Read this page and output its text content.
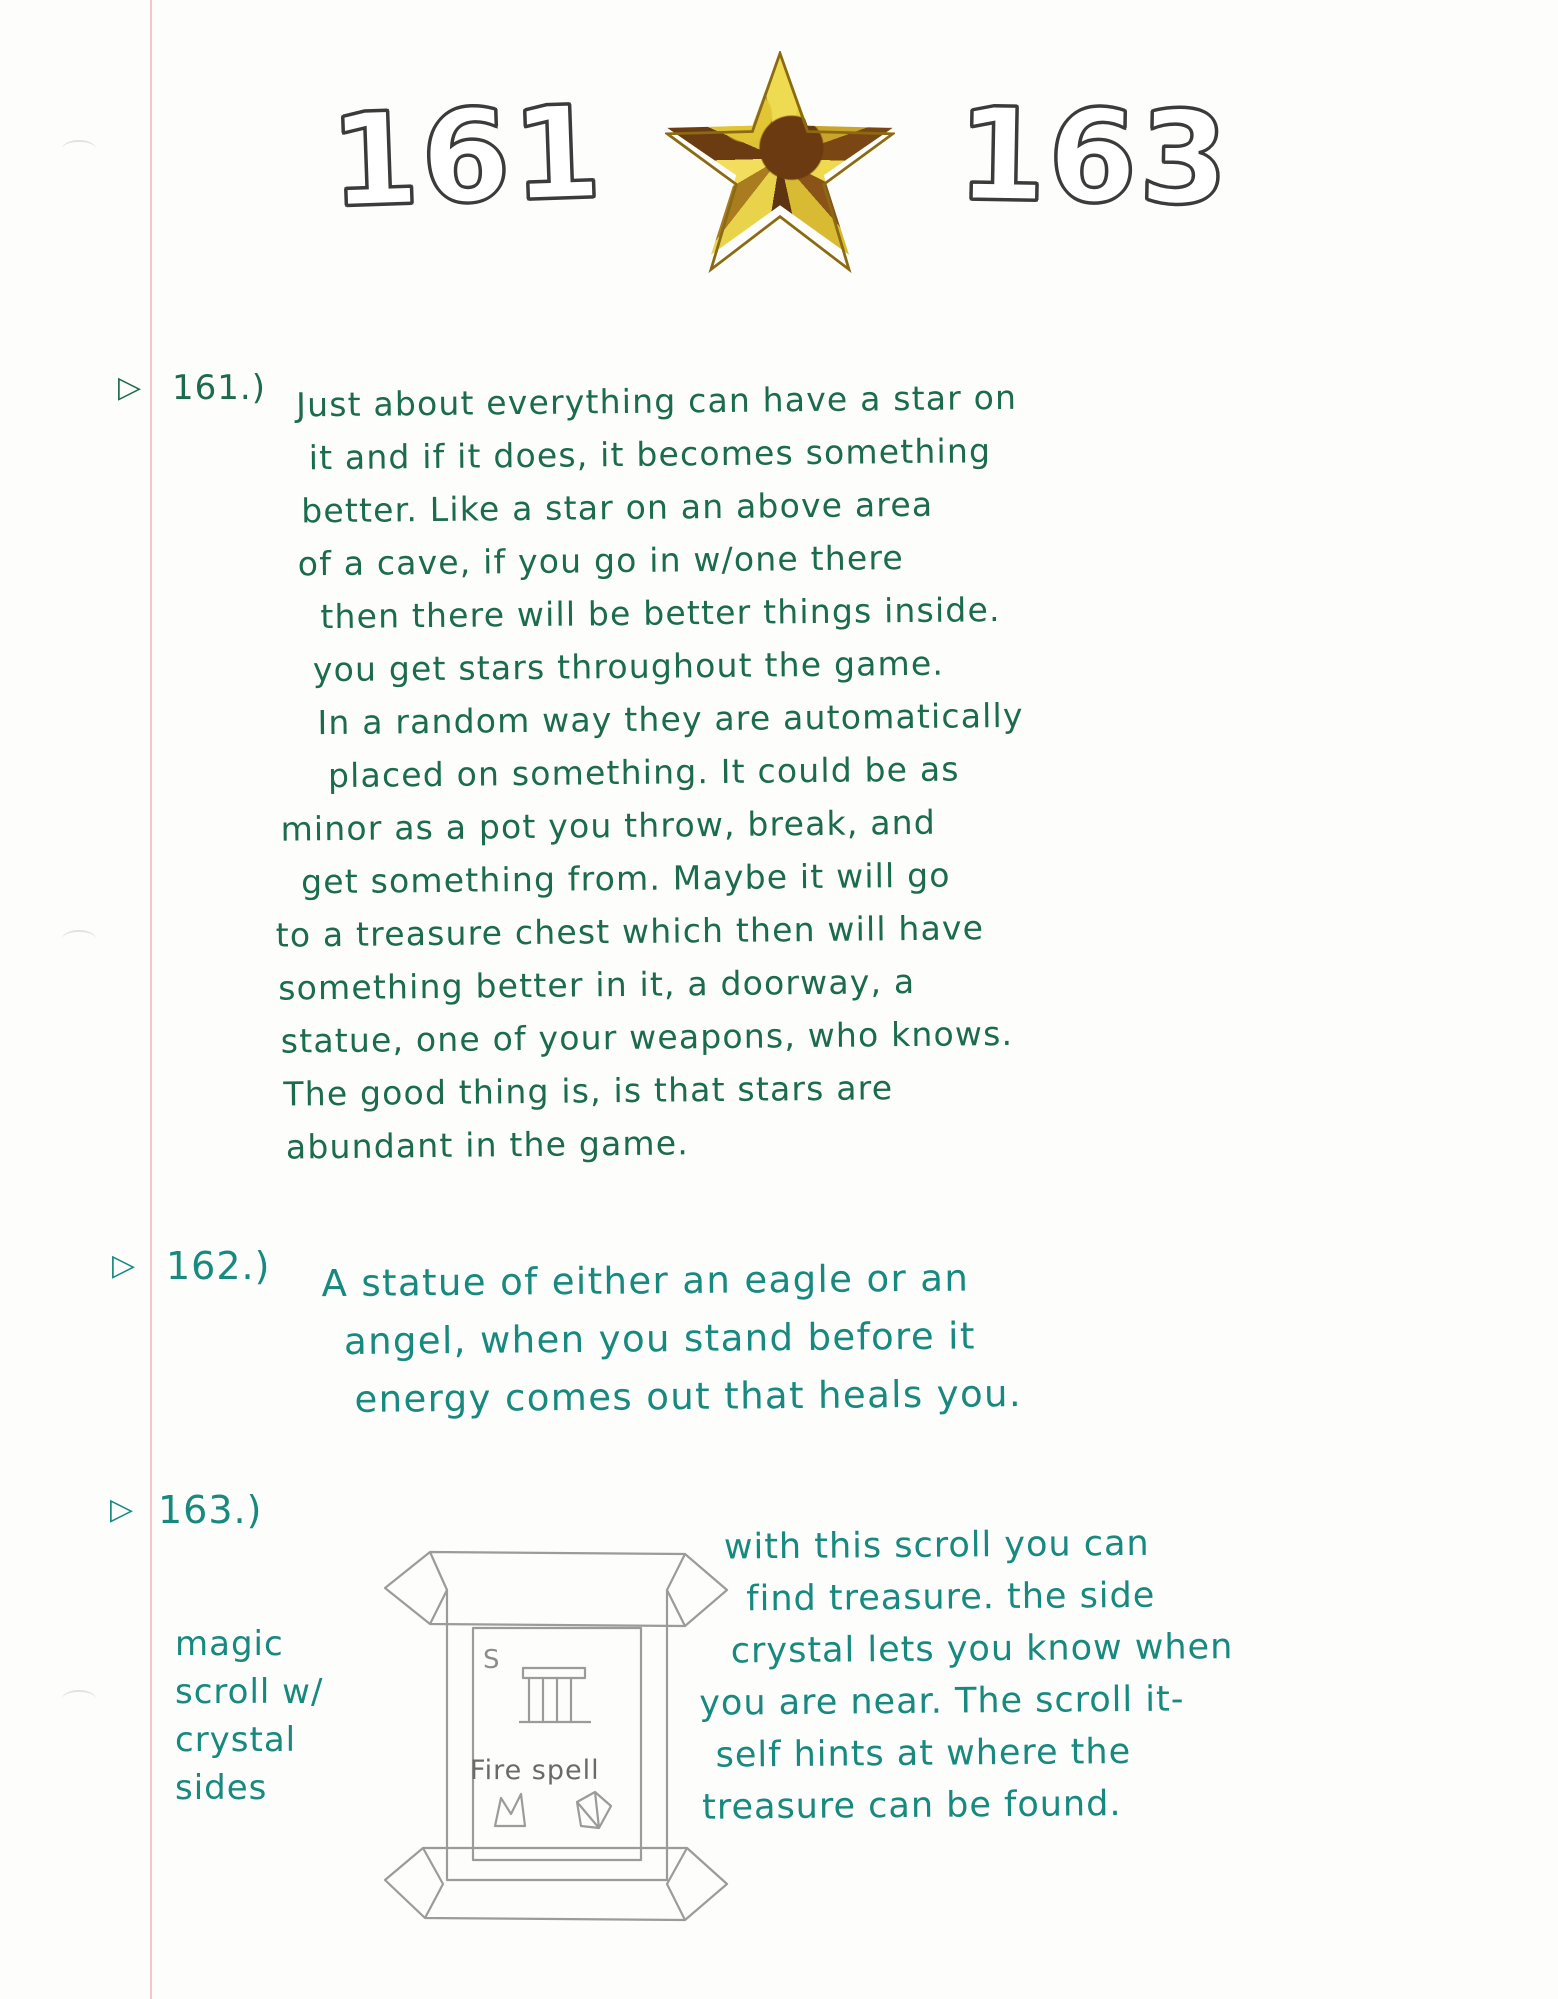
161	163
▷ 161.) Just about everything can have a star on
it and if it does, it becomes something
better. Like a star on an above area
of a cave, if you go in w/one there
then there will be better things inside.
you get stars throughout the game.
In a random way they are automatically
placed on something. It could be as
minor as a pot you throw, break, and
get something from. Maybe it will go
to a treasure chest which then will have
something better in it, a doorway, a
statue, one of your weapons, who knows.
The good thing is, is that stars are
abundant in the game.
▷ 162.) A statue of either an eagle or an
angel, when you stand before it
energy comes out that heals you.
▷ 163.)
magic
scroll w/
crystal
sides
with this scroll you can
find treasure. the side
crystal lets you know when
you are near. The scroll it-
self hints at where the
treasure can be found.
S
Fire spell
